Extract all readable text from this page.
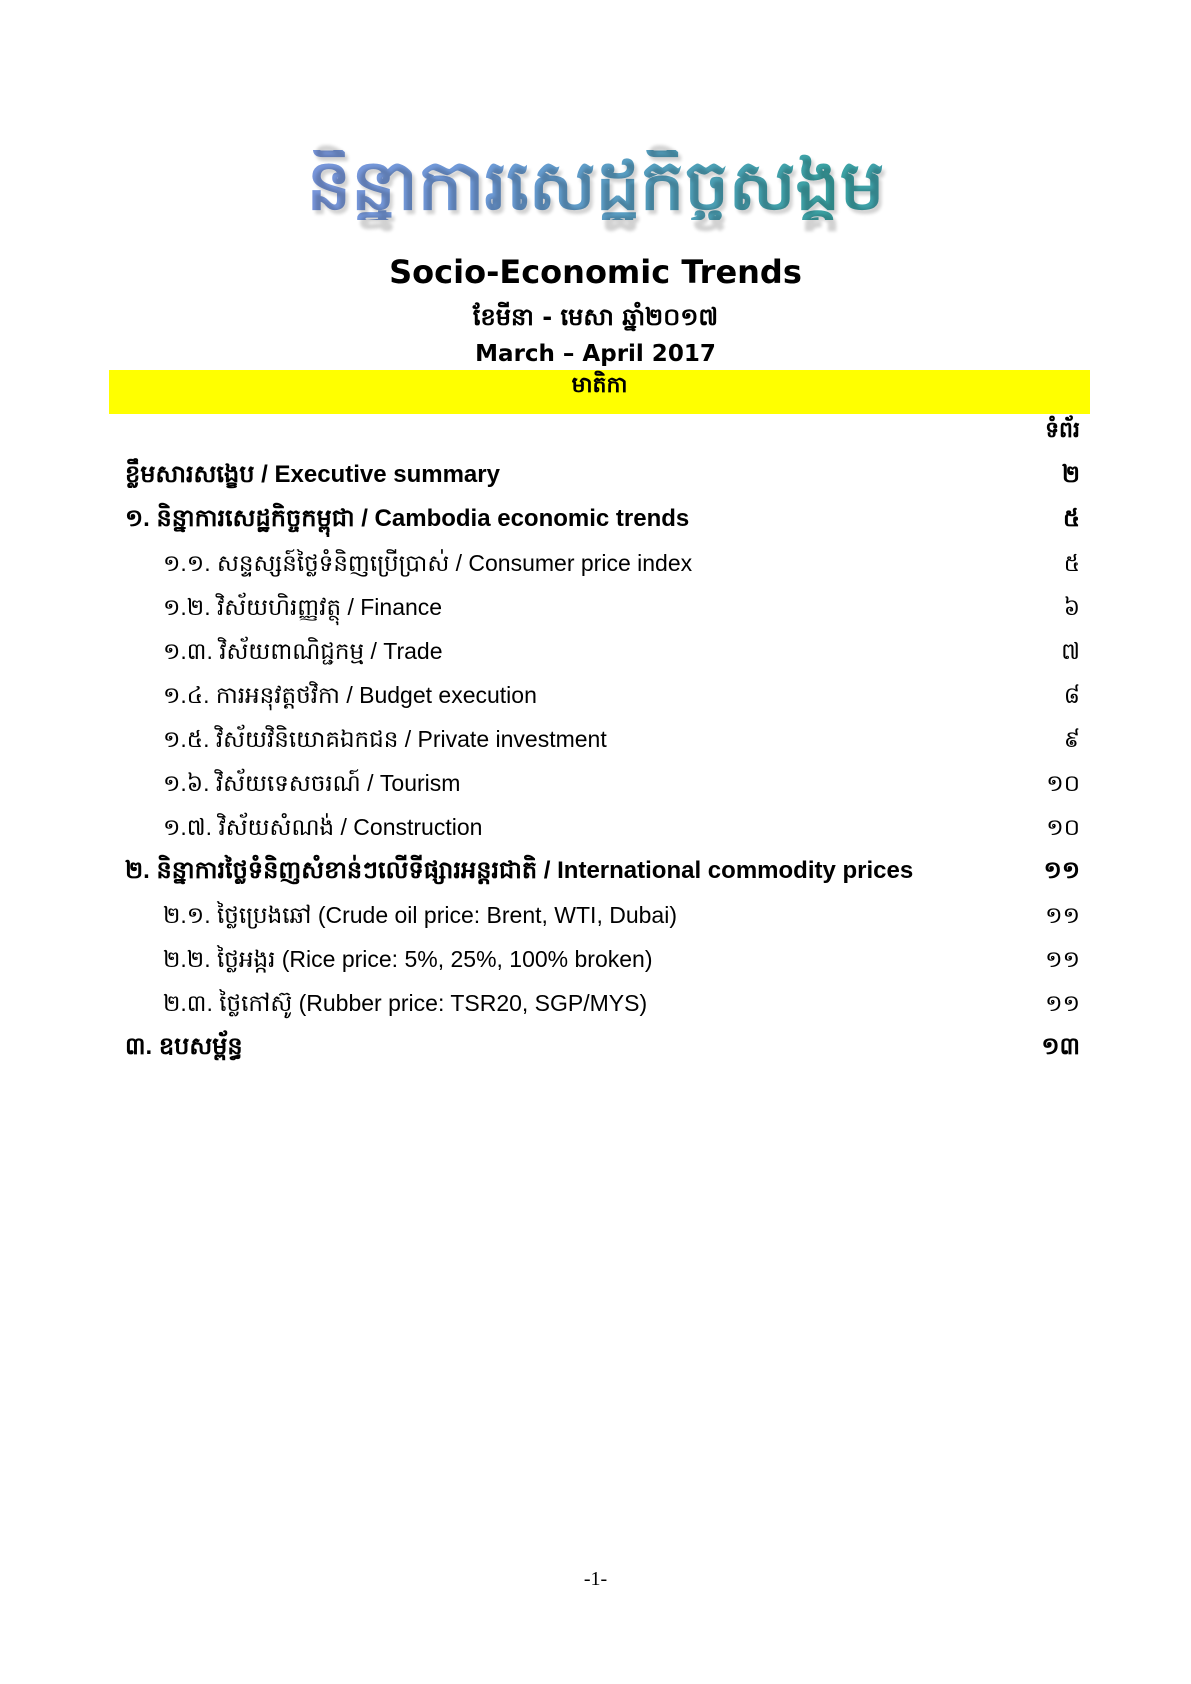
និន្នាការសេដ្ឋកិច្ចសង្គម
Socio-Economic Trends
ខែមីនា - មេសា ឆ្នាំ២០១៧
March – April 2017
មាតិកា
ទំព័រ
ខ្លឹមសារសង្ខេប / Executive summary	២
១. និន្នាការសេដ្ឋកិច្ចកម្ពុជា / Cambodia economic trends	៥
១.១. សន្ទស្សន៍ថ្លៃទំនិញប្រើប្រាស់ / Consumer price index	៥
១.២. វិស័យហិរញ្ញវត្ថុ / Finance	៦
១.៣. វិស័យពាណិជ្ជកម្ម / Trade	៧
១.៤. ការអនុវត្តថវិកា / Budget execution	៨
១.៥. វិស័យវិនិយោគឯកជន / Private investment	៩
១.៦. វិស័យទេសចរណ៍ / Tourism	១០
១.៧. វិស័យសំណង់ / Construction	១០
២. និន្នាការថ្លៃទំនិញសំខាន់ៗលើទីផ្សារអន្តរជាតិ / International commodity prices	១១
២.១. ថ្លៃប្រេងឆៅ (Crude oil price: Brent, WTI, Dubai)	១១
២.២. ថ្លៃអង្ករ (Rice price: 5%, 25%, 100% broken)	១១
២.៣. ថ្លៃកៅស៊ូ (Rubber price: TSR20, SGP/MYS)	១១
៣. ឧបសម្ព័ន្ធ	១៣
-1-
